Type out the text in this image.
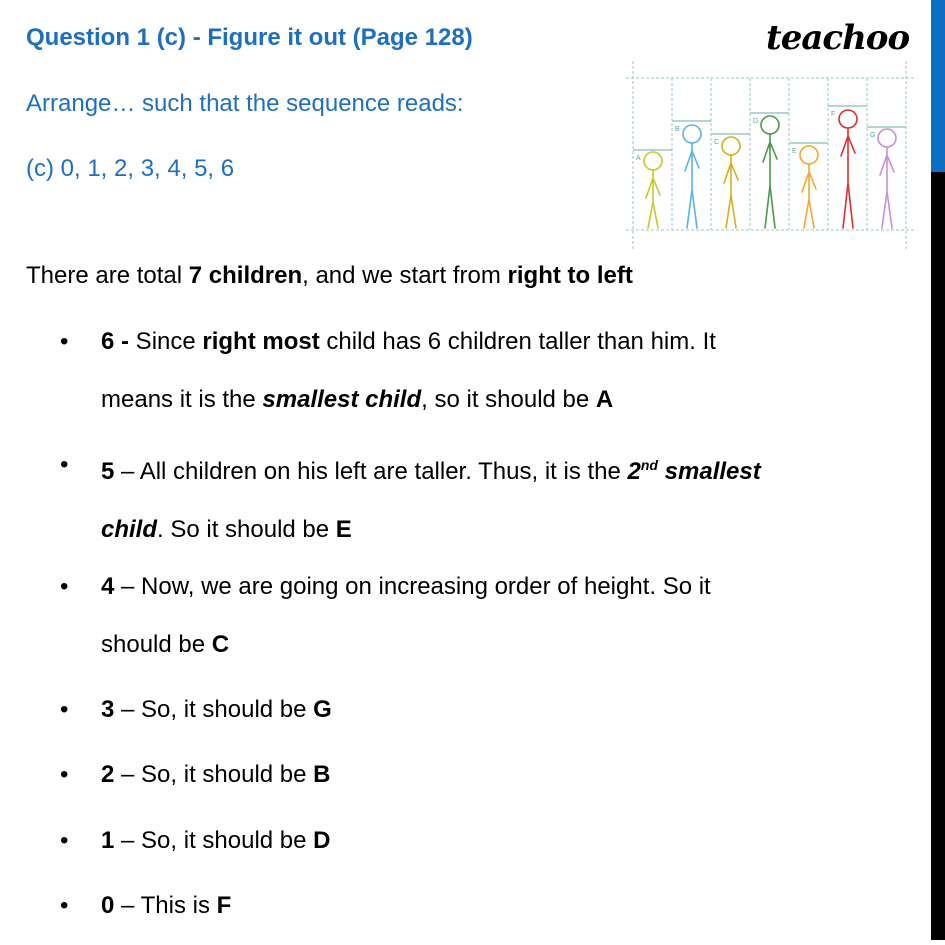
Question 1 (c) - Figure it out (Page 128)
Arrange… such that the sequence reads:
(c) 0, 1, 2, 3, 4, 5, 6
teachoo
A
B
C
D
E
F
G
There are total 7 children, and we start from right to left
• 6 - Since right most child has 6 children taller than him. It
means it is the smallest child, so it should be A
• 5 – All children on his left are taller. Thus, it is the 2nd smallest
child. So it should be E
• 4 – Now, we are going on increasing order of height. So it
should be C
• 3 – So, it should be G
• 2 – So, it should be B
• 1 – So, it should be D
• 0 – This is F
